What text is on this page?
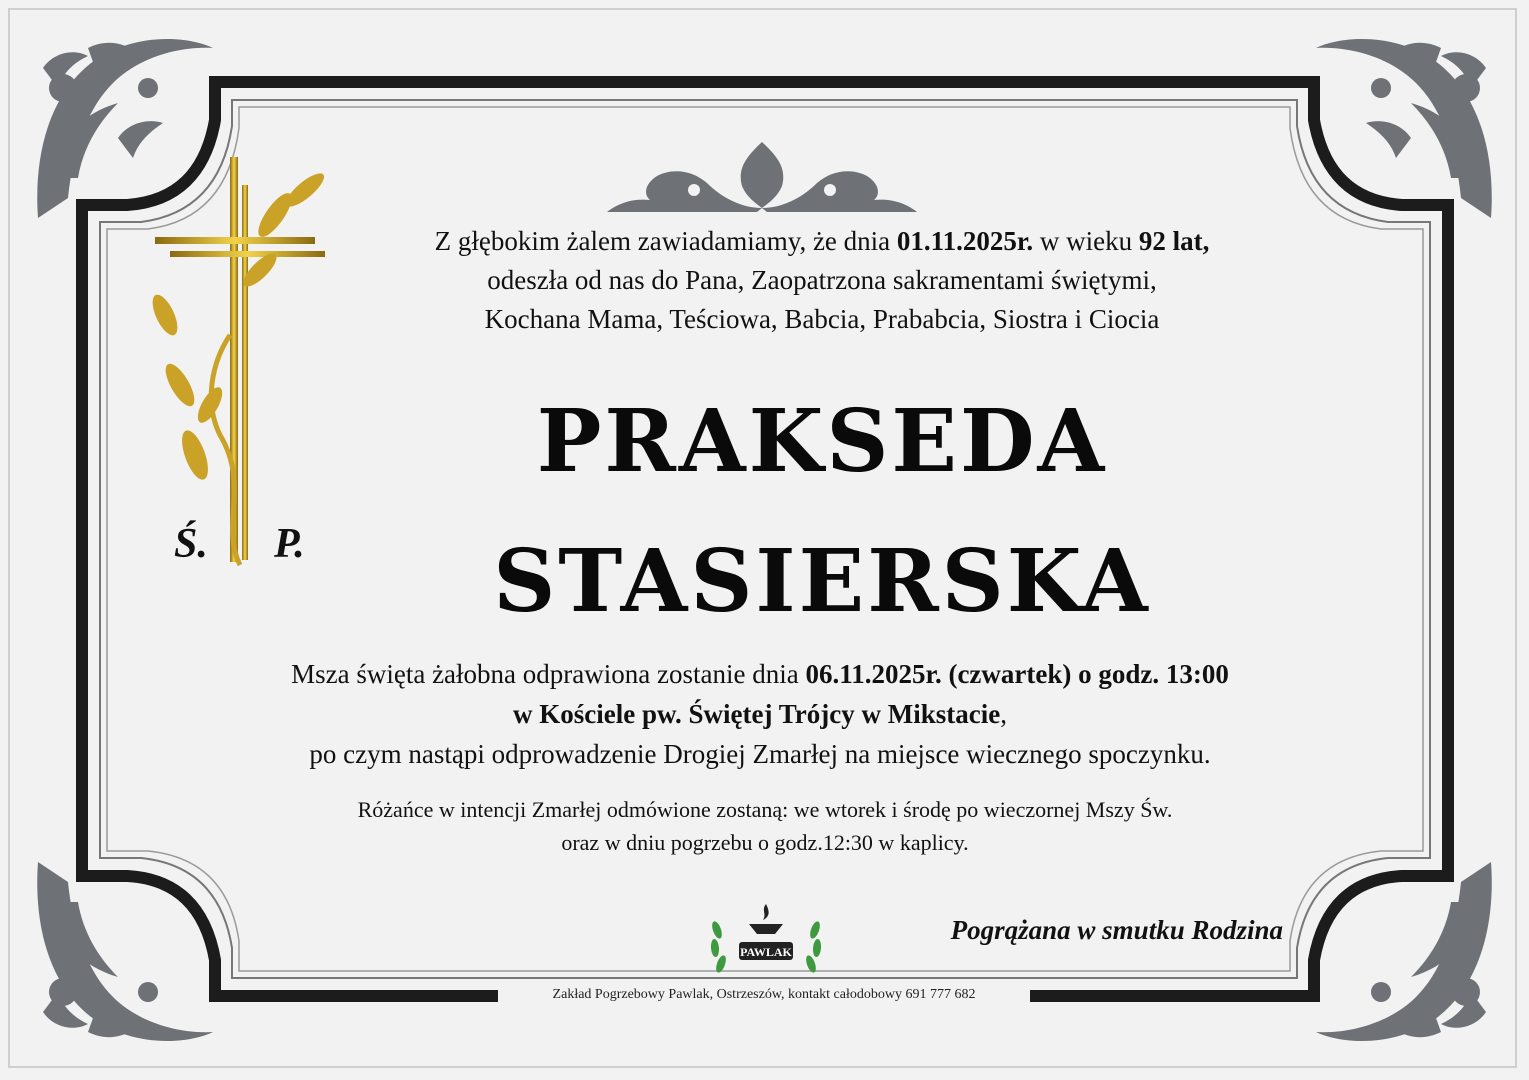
Ś. P.
Z głębokim żalem zawiadamiamy, że dnia 01.11.2025r. w wieku 92 lat,
odeszła od nas do Pana, Zaopatrzona sakramentami świętymi,
Kochana Mama, Teściowa, Babcia, Prababcia, Siostra i Ciocia
PRAKSEDA
STASIERSKA
Msza święta żałobna odprawiona zostanie dnia 06.11.2025r. (czwartek) o godz. 13:00
w Kościele pw. Świętej Trójcy w Mikstacie,
po czym nastąpi odprowadzenie Drogiej Zmarłej na miejsce wiecznego spoczynku.
Różańce w intencji Zmarłej odmówione zostaną: we wtorek i środę po wieczornej Mszy Św.
oraz w dniu pogrzebu o godz.12:30 w kaplicy.
PAWLAK
Pogrążana w smutku Rodzina
Zakład Pogrzebowy Pawlak, Ostrzeszów, kontakt całodobowy 691 777 682
